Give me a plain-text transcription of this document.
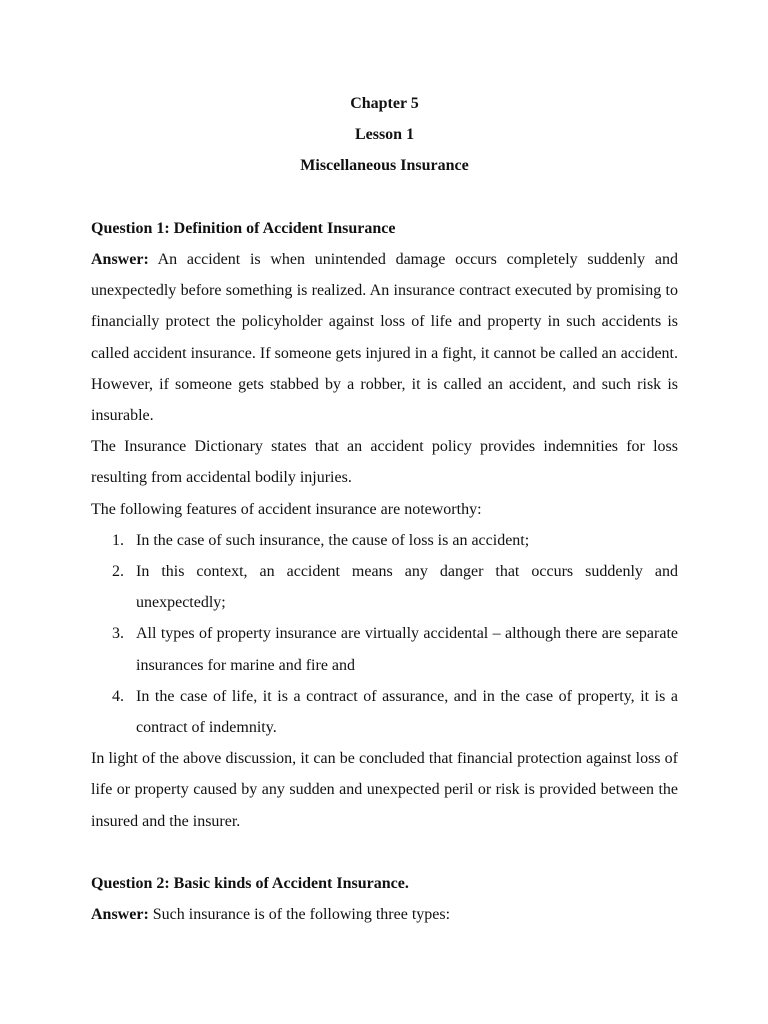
Chapter 5
Lesson 1
Miscellaneous Insurance
Question 1: Definition of Accident Insurance

Answer: An accident is when unintended damage occurs completely suddenly and unexpectedly before something is realized. An insurance contract executed by promising to financially protect the policyholder against loss of life and property in such accidents is called accident insurance. If someone gets injured in a fight, it cannot be called an accident. However, if someone gets stabbed by a robber, it is called an accident, and such risk is insurable.

The Insurance Dictionary states that an accident policy provides indemnities for loss resulting from accidental bodily injuries.

The following features of accident insurance are noteworthy:

1. In the case of such insurance, the cause of loss is an accident;
2. In this context, an accident means any danger that occurs suddenly and unexpectedly;
3. All types of property insurance are virtually accidental – although there are separate insurances for marine and fire and
4. In the case of life, it is a contract of assurance, and in the case of property, it is a contract of indemnity.

In light of the above discussion, it can be concluded that financial protection against loss of life or property caused by any sudden and unexpected peril or risk is provided between the insured and the insurer.

Question 2: Basic kinds of Accident Insurance.

Answer: Such insurance is of the following three types:
